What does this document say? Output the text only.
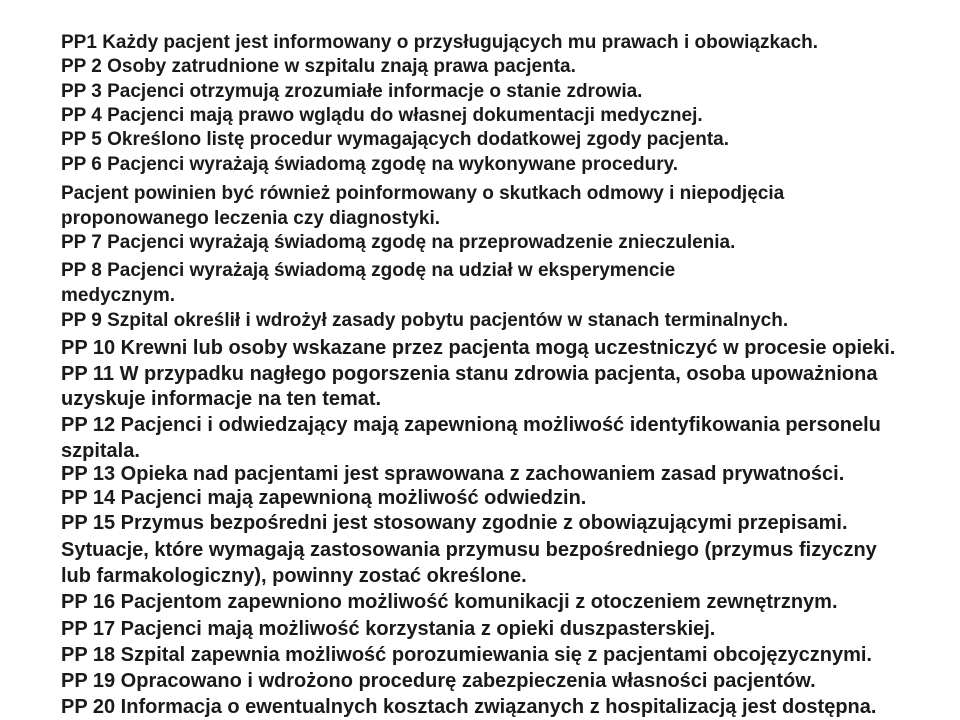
PP1 Każdy pacjent jest informowany o przysługujących mu prawach i obowiązkach.
PP 2 Osoby zatrudnione w szpitalu znają prawa pacjenta.
PP 3 Pacjenci otrzymują zrozumiałe informacje o stanie zdrowia.
PP 4 Pacjenci mają prawo wglądu do własnej dokumentacji medycznej.
PP 5 Określono listę procedur wymagających dodatkowej zgody pacjenta.
PP 6 Pacjenci wyrażają świadomą zgodę na wykonywane procedury.
Pacjent powinien być również poinformowany o skutkach odmowy i niepodjęcia
proponowanego leczenia czy diagnostyki.
PP 7 Pacjenci wyrażają świadomą zgodę na przeprowadzenie znieczulenia.
PP 8 Pacjenci wyrażają świadomą zgodę na udział w eksperymencie
medycznym.
PP 9 Szpital określił i wdrożył zasady pobytu pacjentów w stanach terminalnych.
PP 10 Krewni lub osoby wskazane przez pacjenta mogą uczestniczyć w procesie opieki.
PP 11 W przypadku nagłego pogorszenia stanu zdrowia pacjenta, osoba upoważniona
uzyskuje informacje na ten temat.
PP 12 Pacjenci i odwiedzający mają zapewnioną możliwość identyfikowania personelu
szpitala.
PP 13 Opieka nad pacjentami jest sprawowana z zachowaniem zasad prywatności.
PP 14 Pacjenci mają zapewnioną możliwość odwiedzin.
PP 15 Przymus bezpośredni jest stosowany zgodnie z obowiązującymi przepisami.
Sytuacje, które wymagają zastosowania przymusu bezpośredniego (przymus fizyczny
lub farmakologiczny), powinny zostać określone.
PP 16 Pacjentom zapewniono możliwość komunikacji z otoczeniem zewnętrznym.
PP 17 Pacjenci mają możliwość korzystania z opieki duszpasterskiej.
PP 18 Szpital zapewnia możliwość porozumiewania się z pacjentami obcojęzycznymi.
PP 19 Opracowano i wdrożono procedurę zabezpieczenia własności pacjentów.
PP 20 Informacja o ewentualnych kosztach związanych z hospitalizacją jest dostępna.
